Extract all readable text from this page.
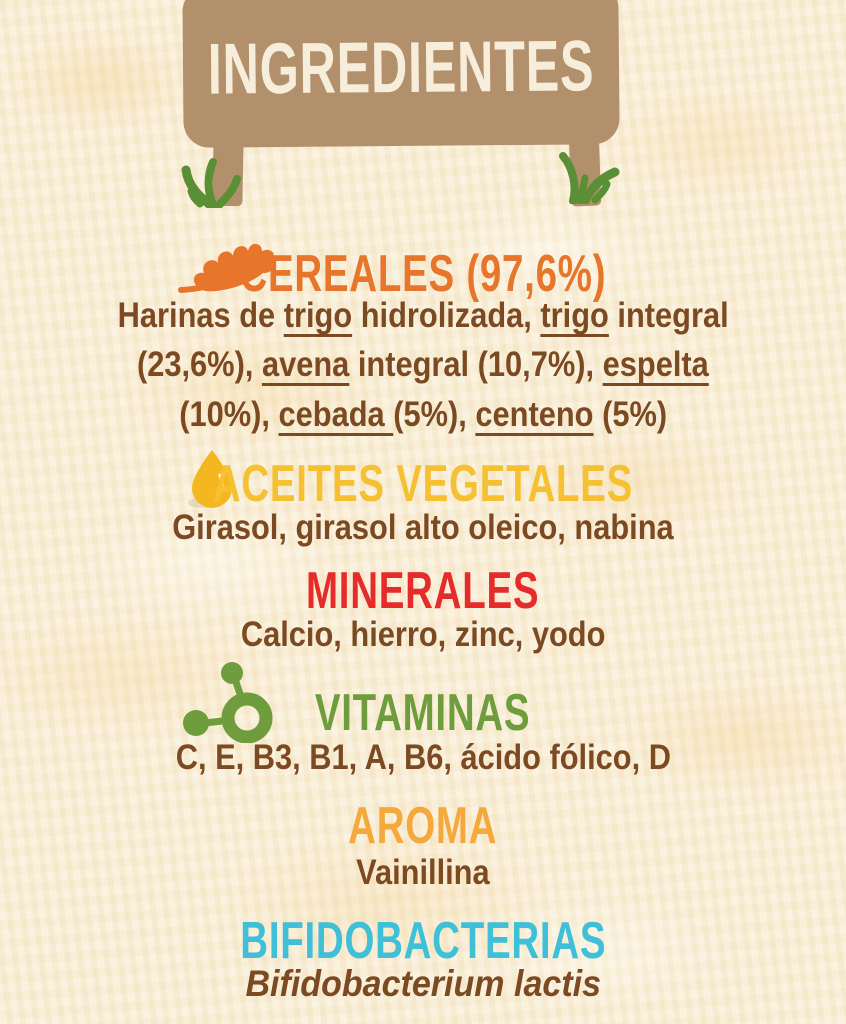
INGREDIENTES
CEREALES (97,6%)
Harinas de trigo hidrolizada, trigo integral
(23,6%), avena integral (10,7%), espelta
(10%), cebada (5%), centeno (5%)
ACEITES VEGETALES
Girasol, girasol alto oleico, nabina
MINERALES
Calcio, hierro, zinc, yodo
VITAMINAS
C, E, B3, B1, A, B6, ácido fólico, D
AROMA
Vainillina
BIFIDOBACTERIAS
Bifidobacterium lactis
